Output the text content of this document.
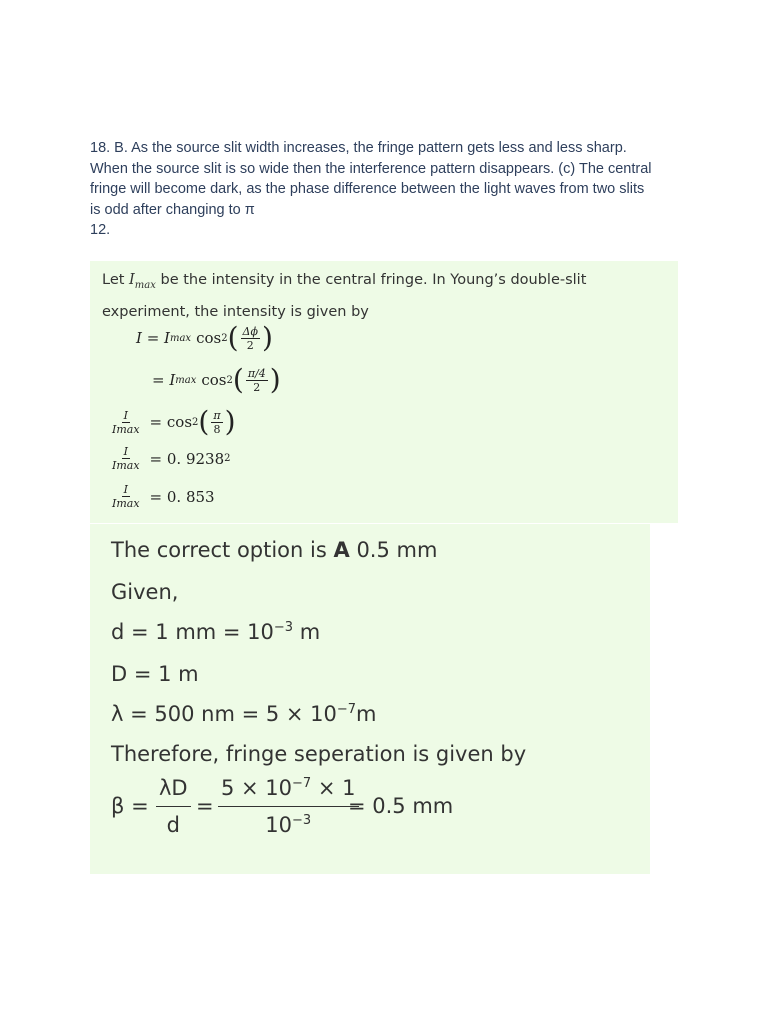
18. B. As the source slit width increases, the fringe pattern gets less and less sharp.
When the source slit is so wide then the interference pattern disappears. (c) The central
fringe will become dark, as the phase difference between the light waves from two slits
is odd after changing to π
12.
Let $I_{max}$ be the intensity in the central fringe. In Young’s double-slit
experiment, the intensity is given by
I = I max cos 2 ( $\frac{\Delta\phi}{2}$ )
= I max cos 2 ( $\frac{\pi/4}{2}$ )
$\frac{I}{Imax} = \cos 2$ ( $\frac{\pi}{8}$ )
$\frac{I}{Imax} = 0$. 9238 2
$\frac{I}{Imax} = 0$. 853
The correct option is A 0.5 mm
Given,
d = 1 mm = $10^{-3}$ m
D = 1 m
λ = 500 nm = $5 \times 10^{-7}m$
Therefore, fringe seperation is given by
β =
λD
d
=
$5 \times 10^{-7} \times 1$
$10^{-3}$
= 0.5 mm
